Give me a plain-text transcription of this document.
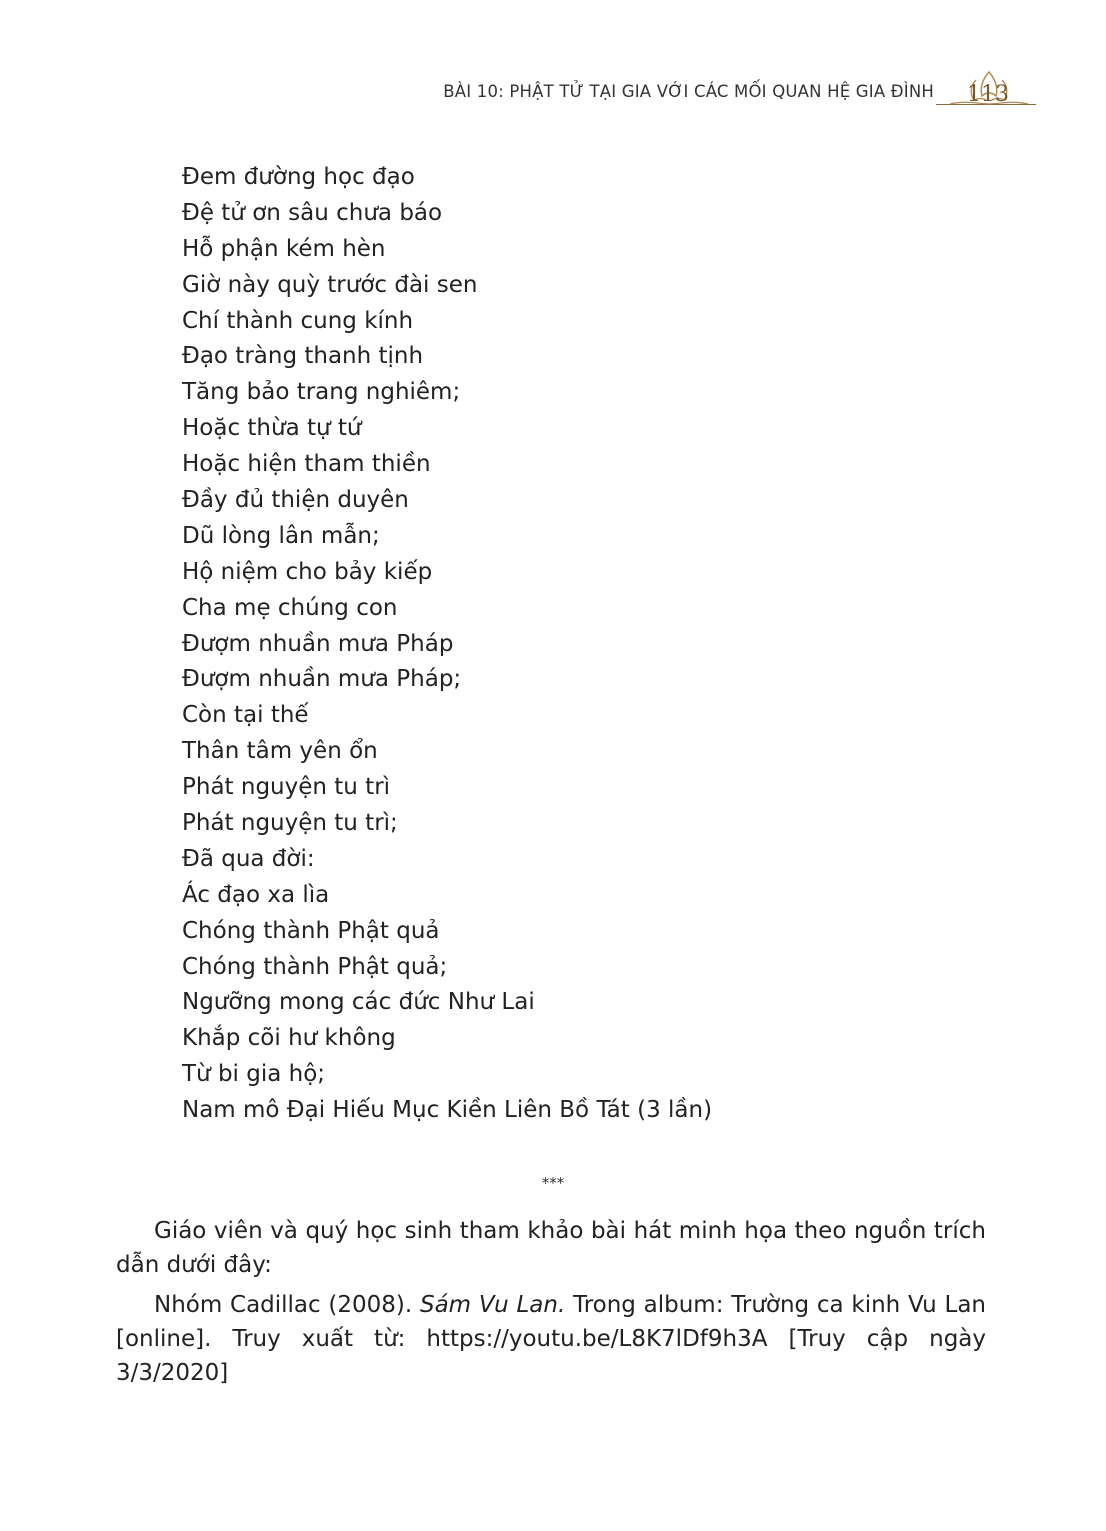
BÀI 10: PHẬT TỬ TẠI GIA VỚI CÁC MỐI QUAN HỆ GIA ĐÌNH	113
Đem đường học đạo
Đệ tử ơn sâu chưa báo
Hỗ phận kém hèn
Giờ này quỳ trước đài sen
Chí thành cung kính
Đạo tràng thanh tịnh
Tăng bảo trang nghiêm;
Hoặc thừa tự tứ
Hoặc hiện tham thiền
Đầy đủ thiện duyên
Dũ lòng lân mẫn;
Hộ niệm cho bảy kiếp
Cha mẹ chúng con
Đượm nhuần mưa Pháp
Đượm nhuần mưa Pháp;
Còn tại thế
Thân tâm yên ổn
Phát nguyện tu trì
Phát nguyện tu trì;
Đã qua đời:
Ác đạo xa lìa
Chóng thành Phật quả
Chóng thành Phật quả;
Ngưỡng mong các đức Như Lai
Khắp cõi hư không
Từ bi gia hộ;
Nam mô Đại Hiếu Mục Kiền Liên Bồ Tát (3 lần)
***

Giáo viên và quý học sinh tham khảo bài hát minh họa theo nguồn trích dẫn dưới đây:

Nhóm Cadillac (2008). Sám Vu Lan. Trong album: Trường ca kinh Vu Lan [online]. Truy xuất từ: https://youtu.be/L8K7lDf9h3A [Truy cập ngày 3/3/2020]
